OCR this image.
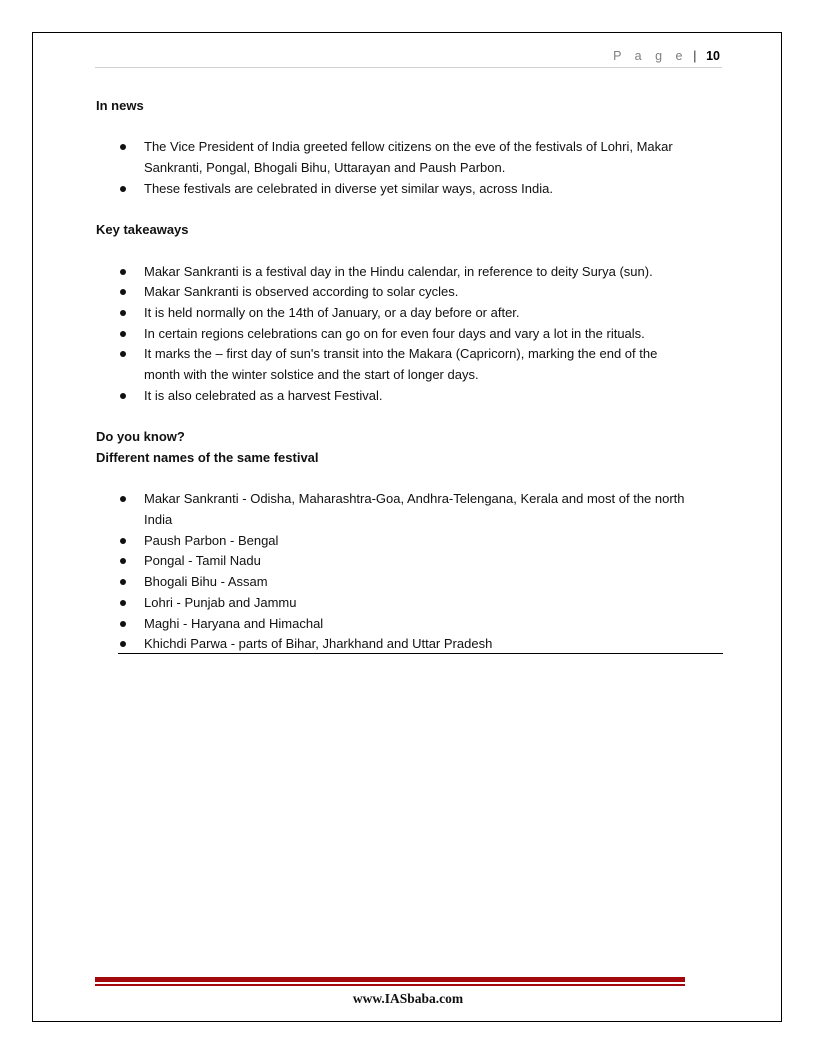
P a g e | 10

In news

The Vice President of India greeted fellow citizens on the eve of the festivals of Lohri, Makar
Sankranti, Pongal, Bhogali Bihu, Uttarayan and Paush Parbon.
These festivals are celebrated in diverse yet similar ways, across India.

Key takeaways

Makar Sankranti is a festival day in the Hindu calendar, in reference to deity Surya (sun).
Makar Sankranti is observed according to solar cycles.
It is held normally on the 14th of January, or a day before or after.
In certain regions celebrations can go on for even four days and vary a lot in the rituals.
It marks the – first day of sun's transit into the Makara (Capricorn), marking the end of the
month with the winter solstice and the start of longer days.
It is also celebrated as a harvest Festival.

Do you know?

Different names of the same festival

Makar Sankranti - Odisha, Maharashtra-Goa, Andhra-Telengana, Kerala and most of the north
India
Paush Parbon - Bengal
Pongal - Tamil Nadu
Bhogali Bihu - Assam
Lohri - Punjab and Jammu
Maghi - Haryana and Himachal
Khichdi Parwa - parts of Bihar, Jharkhand and Uttar Pradesh
www.IASbaba.com
